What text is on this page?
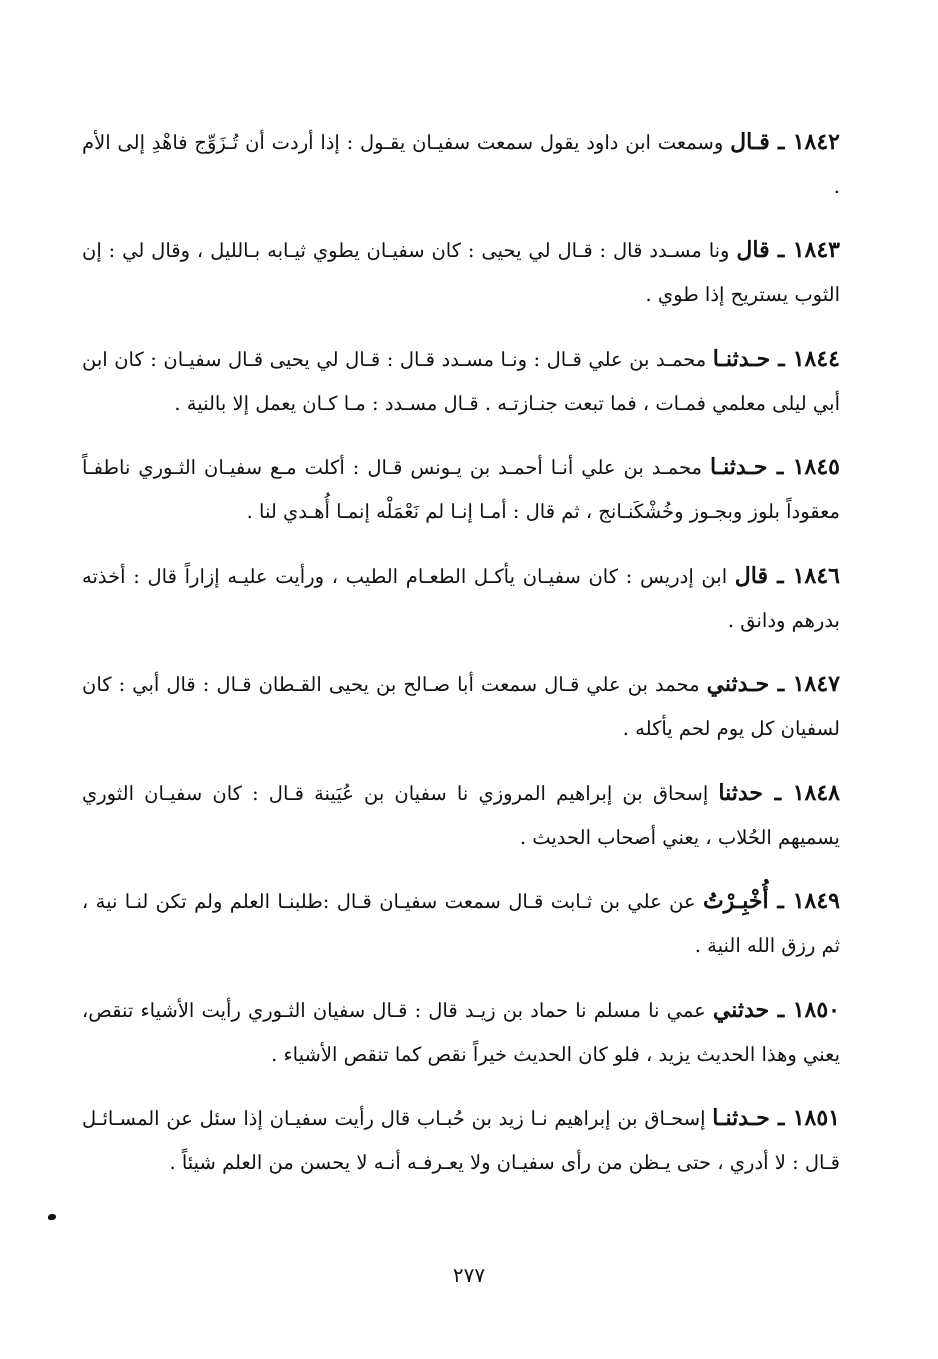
١٨٤٢ ـ قـال وسمعت ابن داود يقول سمعت سفيـان يقـول : إذا أردت أن تُـزَوِّج فاهْدِ إلى الأم .

١٨٤٣ ـ قال ونا مسـدد قال : قـال لي يحيى : كان سفيـان يطوي ثيـابه بـالليل ، وقال لي : إن الثوب يستريح إذا طوي .

١٨٤٤ ـ حـدثنـا محمـد بن علي قـال : ونـا مسـدد قـال : قـال لي يحيى قـال سفيـان : كان ابن أبي ليلى معلمي فمـات ، فما تبعت جنـازتـه . قـال مسـدد : مـا كـان يعمل إلا بالنية .

١٨٤٥ ـ حـدثنـا محمـد بن علي أنـا أحمـد بن يـونس قـال : أكلت مـع سفيـان الثـوري ناطفـاً معقوداً بلوز وبجـوز وخُشْكَنـانج ، ثم قال : أمـا إنـا لم نَعْمَلْه إنمـا أُهـدي لنا .

١٨٤٦ ـ قال ابن إدريس : كان سفيـان يأكـل الطعـام الطيب ، ورأيت عليـه إزاراً قال : أخذته بدرهم ودانق .

١٨٤٧ ـ حـدثني محمد بن علي قـال سمعت أبا صـالح بن يحيى القـطان قـال : قال أبي : كان لسفيان كل يوم لحم يأكله .

١٨٤٨ ـ حدثنا إسحاق بن إبراهيم المروزي نا سفيان بن عُيَينة قـال : كان سفيـان الثوري يسميهم الحُلاب ، يعني أصحاب الحديث .

١٨٤٩ ـ أُخْبِـرْتُ عن علي بن ثـابت قـال سمعت سفيـان قـال :طلبنـا العلم ولم تكن لنـا نية ، ثم رزق الله النية .

١٨٥٠ ـ حدثني عمي نا مسلم نا حماد بن زيـد قال : قـال سفيان الثـوري رأيت الأشياء تنقص، يعني وهذا الحديث يزيد ، فلو كان الحديث خيراً نقص كما تنقص الأشياء .

١٨٥١ ـ حـدثنـا إسحـاق بن إبراهيم نـا زيد بن حُبـاب قال رأيت سفيـان إذا سئل عن المسـائـل قـال : لا أدري ، حتى يـظن من رأى سفيـان ولا يعـرفـه أنـه لا يحسن من العلم شيئاً .

٢٧٧
